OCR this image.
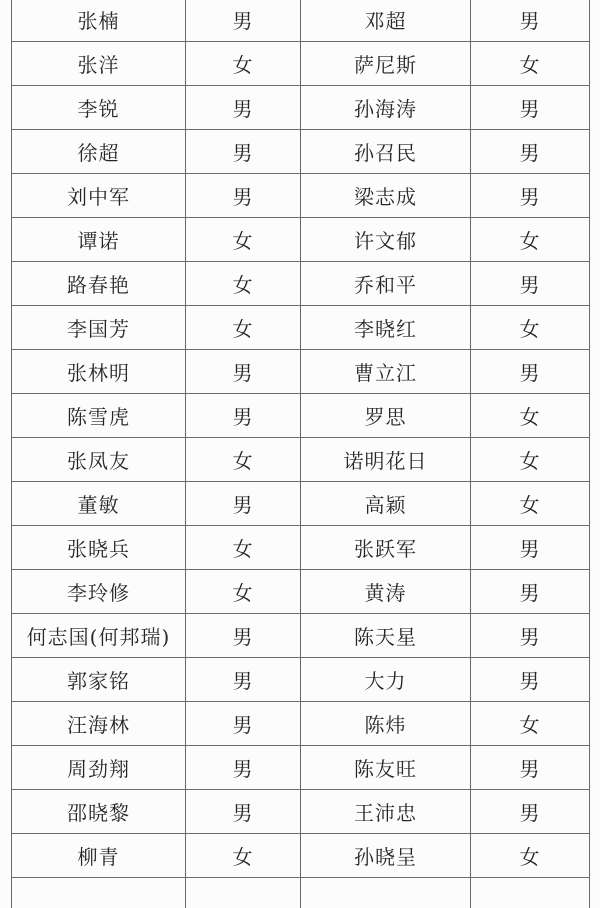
张楠	男	邓超	男
张洋	女	萨尼斯	女
李锐	男	孙海涛	男
徐超	男	孙召民	男
刘中军	男	梁志成	男
谭诺	女	许文郁	女
路春艳	女	乔和平	男
李国芳	女	李晓红	女
张林明	男	曹立江	男
陈雪虎	男	罗思	女
张凤友	女	诺明花日	女
董敏	男	高颖	女
张晓兵	女	张跃军	男
李玲修	女	黄涛	男
何志国(何邦瑞)	男	陈天星	男
郭家铭	男	大力	男
汪海林	男	陈炜	女
周劲翔	男	陈友旺	男
邵晓黎	男	王沛忠	男
柳青	女	孙晓呈	女
